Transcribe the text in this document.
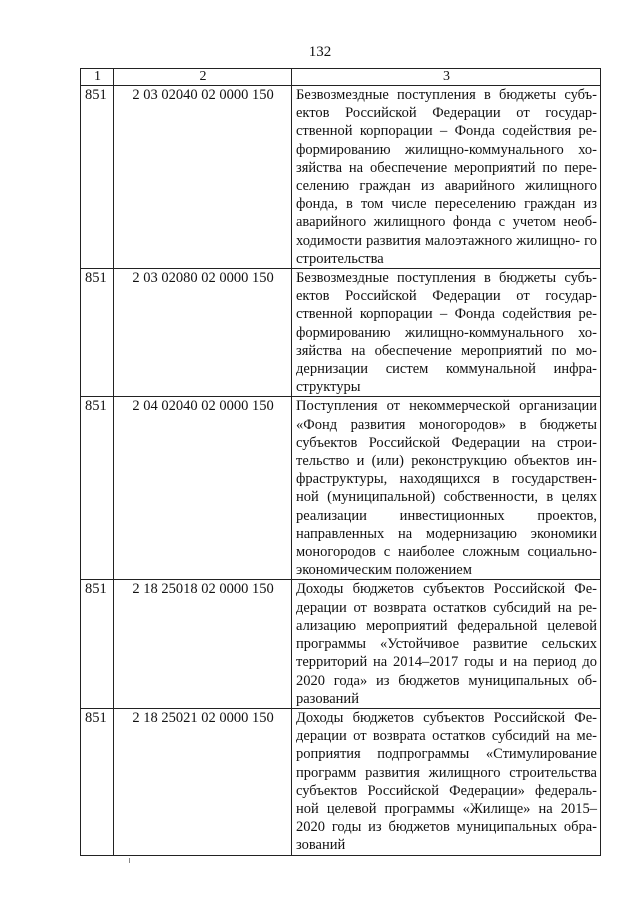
132
1	2	3
851	2 03 02040 02 0000 150	Безвозмездные поступления в бюджеты субъ- ектов Российской Федерации от государ- ственной корпорации – Фонда содействия ре- формированию жилищно-коммунального хо- зяйства на обеспечение мероприятий по пере- селению граждан из аварийного жилищного фонда, в том числе переселению граждан из аварийного жилищного фонда с учетом необ- ходимости развития малоэтажного жилищно- го строительства
851	2 03 02080 02 0000 150	Безвозмездные поступления в бюджеты субъ- ектов Российской Федерации от государ- ственной корпорации – Фонда содействия ре- формированию жилищно-коммунального хо- зяйства на обеспечение мероприятий по мо- дернизации систем коммунальной инфра- структуры
851	2 04 02040 02 0000 150	Поступления от некоммерческой организации «Фонд развития моногородов» в бюджеты субъектов Российской Федерации на строи- тельство и (или) реконструкцию объектов ин- фраструктуры, находящихся в государствен- ной (муниципальной) собственности, в целях реализации инвестиционных проектов, направленных на модернизацию экономики моногородов с наиболее сложным социально- экономическим положением
851	2 18 25018 02 0000 150	Доходы бюджетов субъектов Российской Фе- дерации от возврата остатков субсидий на ре- ализацию мероприятий федеральной целевой программы «Устойчивое развитие сельских территорий на 2014–2017 годы и на период до 2020 года» из бюджетов муниципальных об- разований
851	2 18 25021 02 0000 150	Доходы бюджетов субъектов Российской Фе- дерации от возврата остатков субсидий на ме- роприятия подпрограммы «Стимулирование программ развития жилищного строительства субъектов Российской Федерации» федераль- ной целевой программы «Жилище» на 2015– 2020 годы из бюджетов муниципальных обра- зований
